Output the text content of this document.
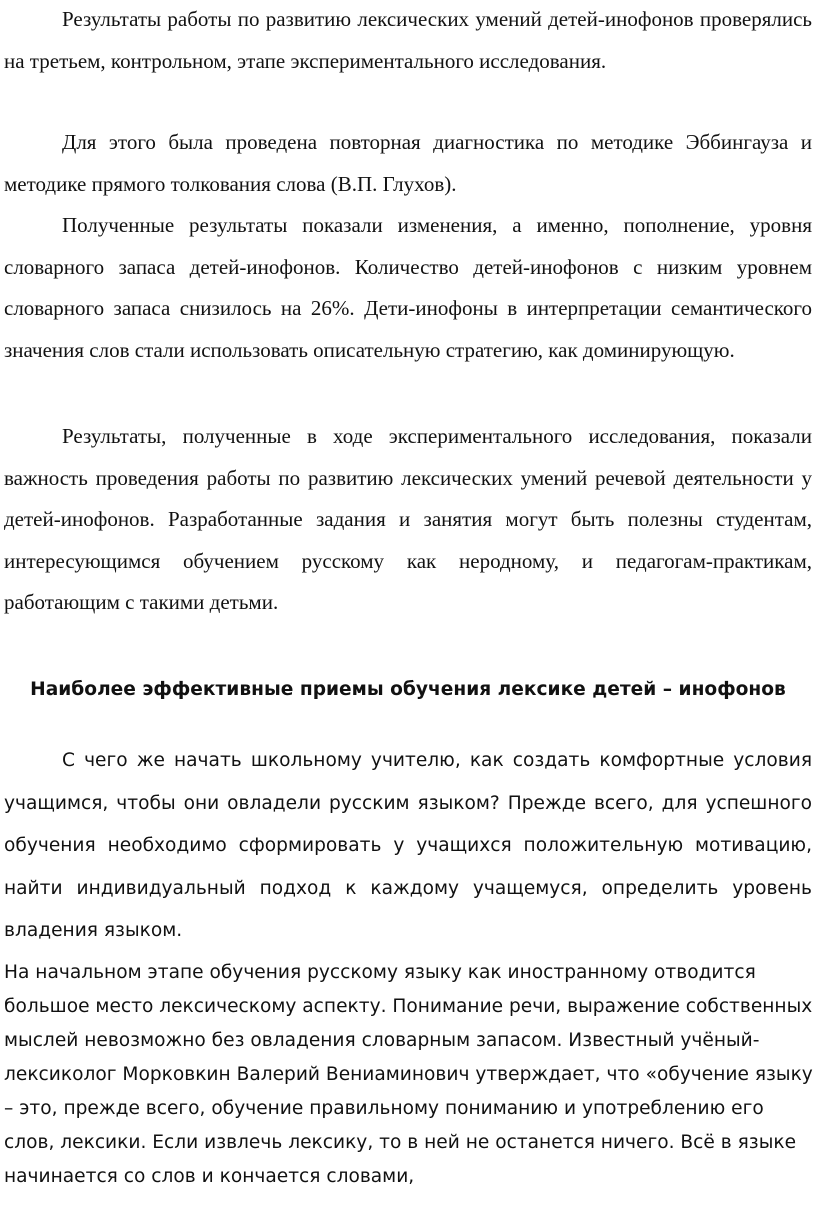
Результаты работы по развитию лексических умений детей-инофонов проверялись на третьем, контрольном, этапе экспериментального исследования.

Для этого была проведена повторная диагностика по методике Эббингауза и методике прямого толкования слова (В.П. Глухов).

Полученные результаты показали изменения, а именно, пополнение, уровня словарного запаса детей-инофонов. Количество детей-инофонов с низким уровнем словарного запаса снизилось на 26%. Дети-инофоны в интерпретации семантического значения слов стали использовать описательную стратегию, как доминирующую.

Результаты, полученные в ходе экспериментального исследования, показали важность проведения работы по развитию лексических умений речевой деятельности у детей-инофонов. Разработанные задания и занятия могут быть полезны студентам, интересующимся обучением русскому как неродному, и педагогам-практикам, работающим с такими детьми.

Наиболее эффективные приемы обучения лексике детей – инофонов

С чего же начать школьному учителю, как создать комфортные условия учащимся, чтобы они овладели русским языком? Прежде всего, для успешного обучения необходимо сформировать у учащихся положительную мотивацию, найти индивидуальный подход к каждому учащемуся, определить уровень владения языком.

На начальном этапе обучения русскому языку как иностранному отводится большое место лексическому аспекту. Понимание речи, выражение собственных мыслей невозможно без овладения словарным запасом. Известный учёный-лексиколог Морковкин Валерий Вениаминович утверждает, что «обучение языку – это, прежде всего, обучение правильному пониманию и употреблению его слов, лексики. Если извлечь лексику, то в ней не останется ничего. Всё в языке начинается со слов и кончается словами,
